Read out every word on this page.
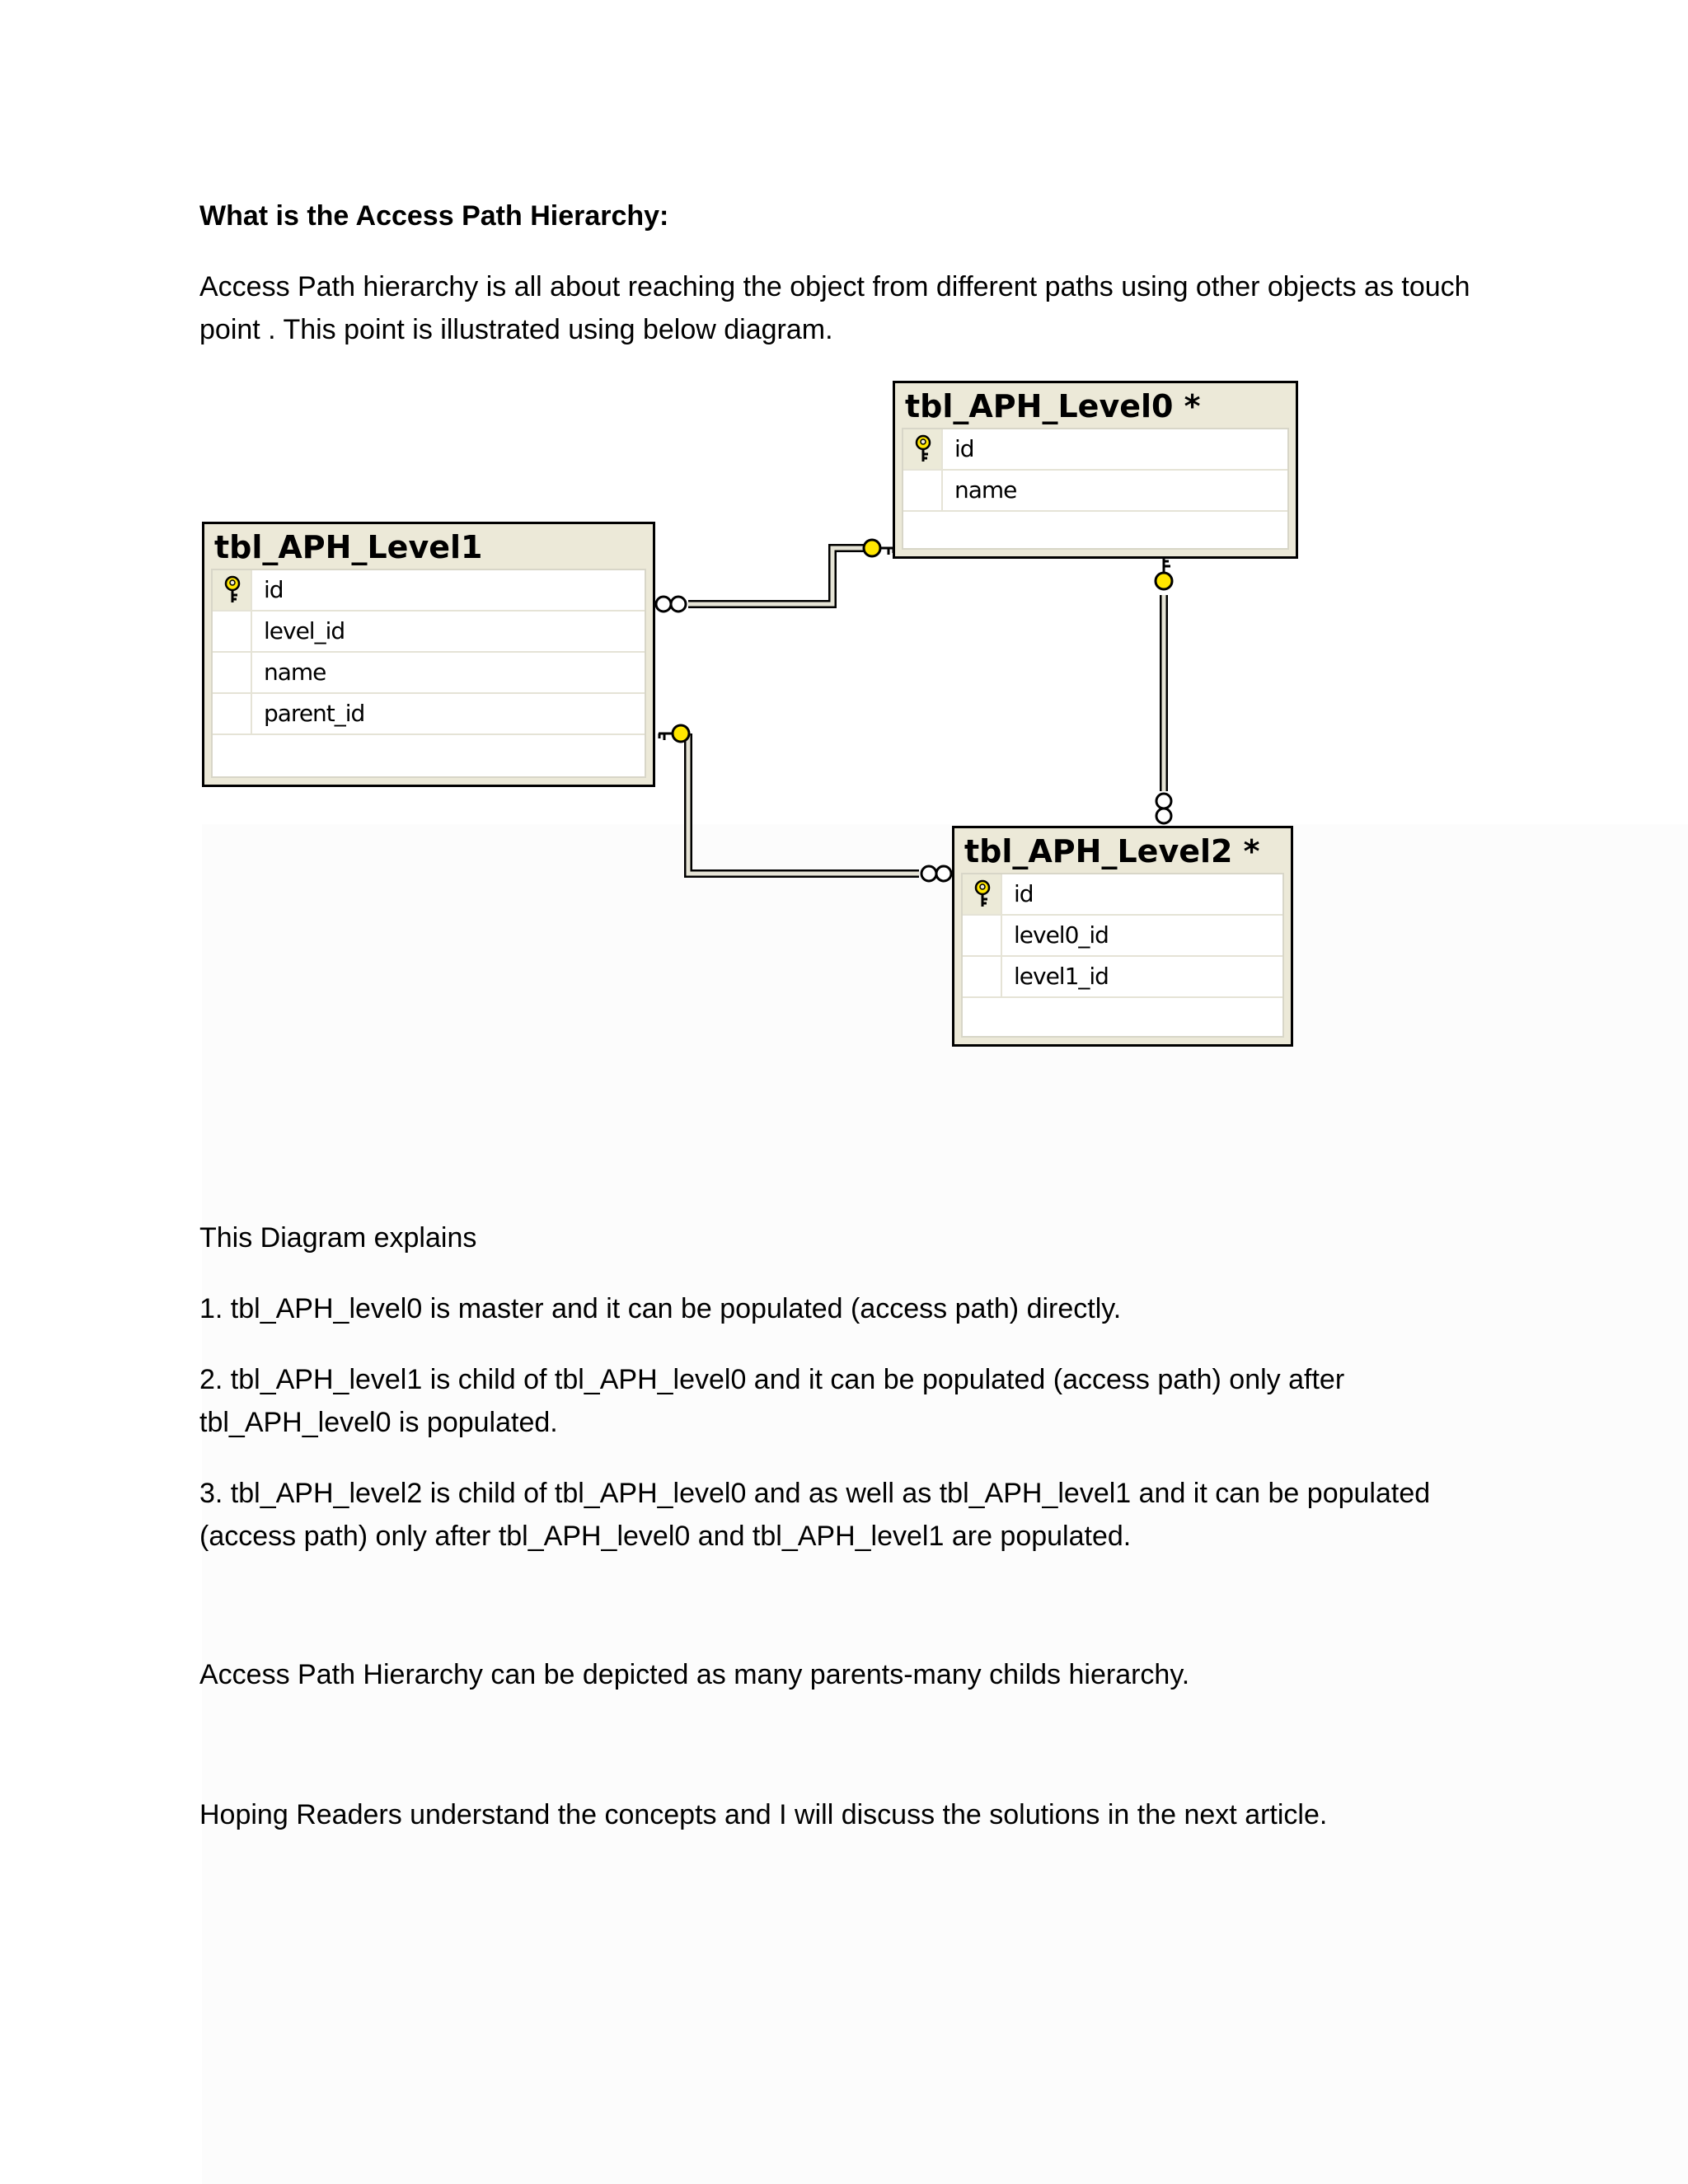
What is the Access Path Hierarchy:

Access Path hierarchy is all about reaching the object from different paths using other objects as touch

point . This point is illustrated using below diagram.

tbl_APH_Level0 *
id
name
tbl_APH_Level1
id
level_id
name
parent_id
tbl_APH_Level2 *
id
level0_id
level1_id

This Diagram explains

1. tbl_APH_level0 is master and it can be populated (access path) directly.

2. tbl_APH_level1 is child of tbl_APH_level0 and it can be populated (access path) only after

tbl_APH_level0 is populated.

3. tbl_APH_level2 is child of tbl_APH_level0 and as well as tbl_APH_level1 and it can be populated

(access path) only after tbl_APH_level0 and tbl_APH_level1 are populated.

Access Path Hierarchy can be depicted as many parents-many childs hierarchy.

Hoping Readers understand the concepts and I will discuss the solutions in the next article.
